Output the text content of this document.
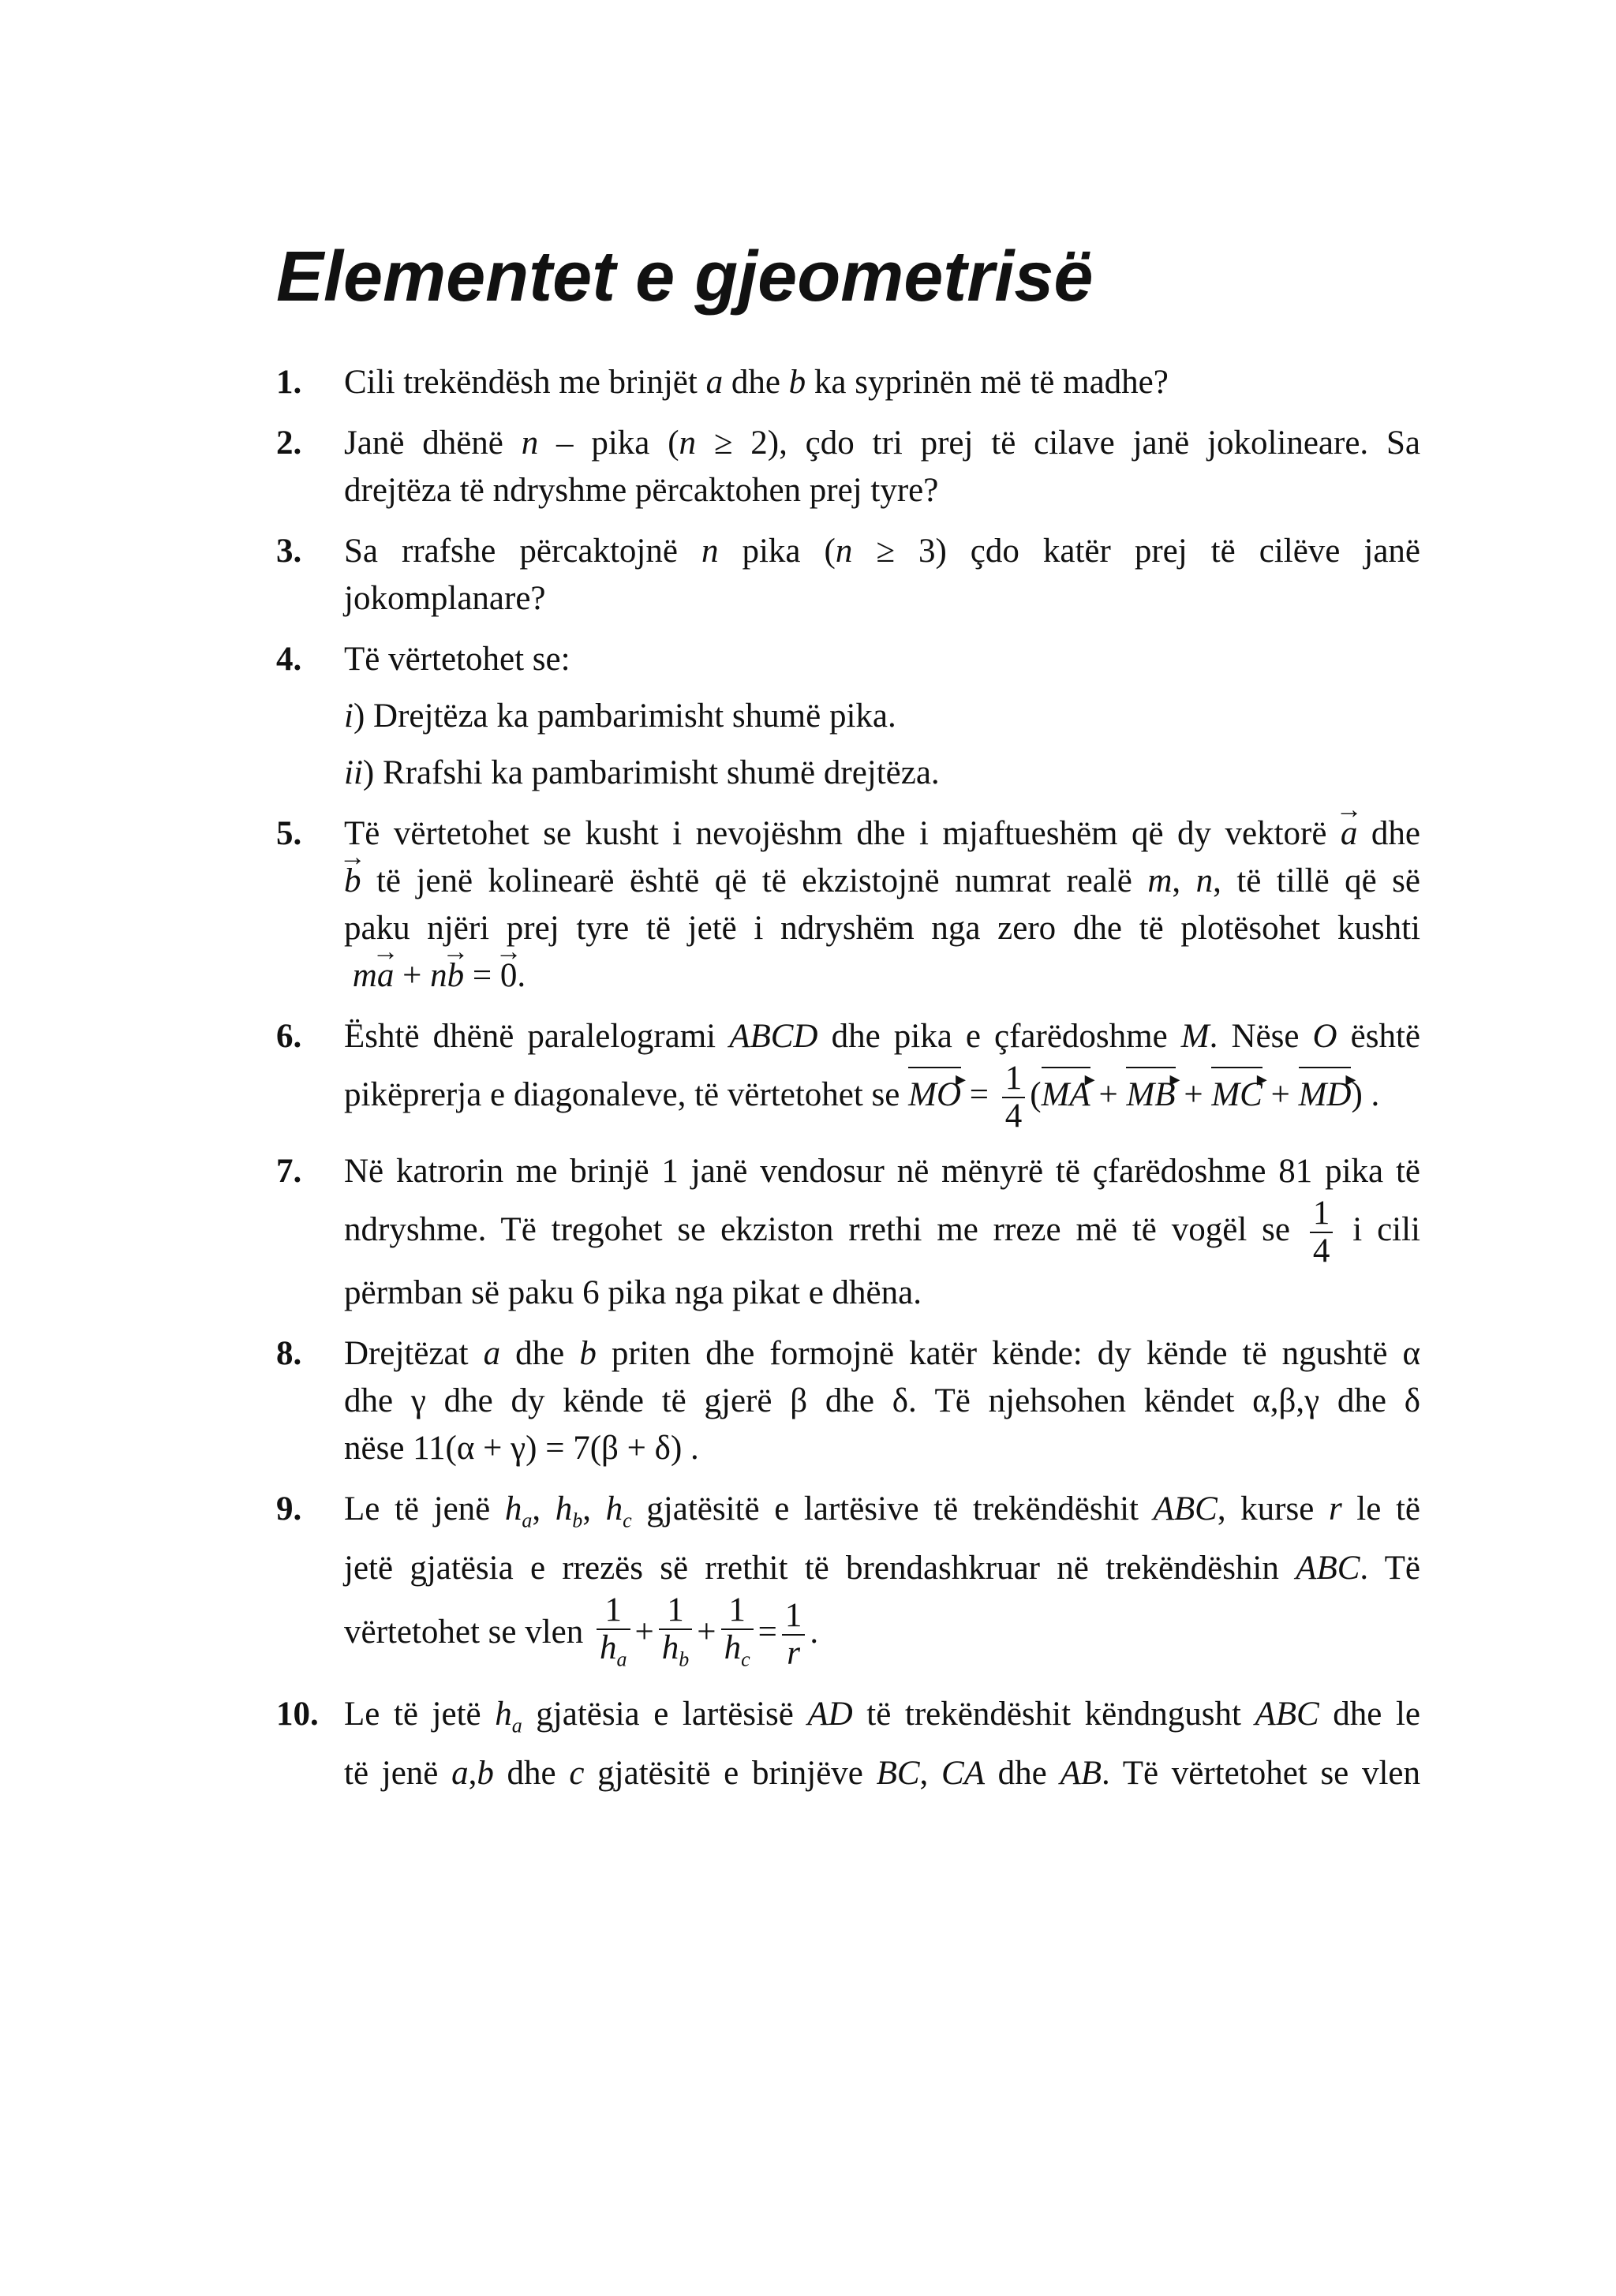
Elementet e gjeometrisë
1. Cili trekëndësh me brinjët a dhe b ka syprinën më të madhe?
2. Janë dhënë n – pika (n ≥ 2), çdo tri prej të cilave janë jokolineare. Sa
drejtëza të ndryshme përcaktohen prej tyre?
3. Sa rrafshe përcaktojnë n pika (n ≥ 3) çdo katër prej të cilëve janë
jokomplanare?
4. Të vërtetohet se:
i) Drejtëza ka pambarimisht shumë pika.
ii) Rrafshi ka pambarimisht shumë drejtëza.
5. Të vërtetohet se kusht i nevojëshm dhe i mjaftueshëm që dy vektorë → a dhe
→ b të jenë kolinearë është që të ekzistojnë numrat realë m, n, të tillë që së
paku njëri prej tyre të jetë i ndryshëm nga zero dhe të plotësohet kushti
m→ a + n→ b = → 0.
6. Është dhënë paralelogrami ABCD dhe pika e çfarëdoshme M. Nëse O është
pikëprerja e diagonaleve, të vërtetohet se MO ▸ = $\frac{1}{4} (MA$ ▸ + MB ▸ + MC ▸ + MD ▸) .
7. Në katrorin me brinjë 1 janë vendosur në mënyrë të çfarëdoshme 81 pika të
ndryshme. Të tregohet se ekziston rrethi me rreze më të vogël se $\frac{1}{4}$ i cili
përmban së paku 6 pika nga pikat e dhëna.
8. Drejtëzat a dhe b priten dhe formojnë katër kënde: dy kënde të ngushtë α
dhe γ dhe dy kënde të gjerë β dhe δ. Të njehsohen këndet α,β,γ dhe δ
nëse 11(α + γ) = 7(β + δ) .
9. Le të jenë $h_a$, $h_b$, $h_c$ gjatësitë e lartësive të trekëndëshit ABC, kurse r le të
jetë gjatësia e rrezës së rrethit të brendashkruar në trekëndëshin ABC. Të
vërtetohet se vlen $\frac{1}{h_a} + \frac{1}{h_b} + \frac{1}{h_c} = \frac{1}{r}$ .
10. Le të jetë $h_a$ gjatësia e lartësisë AD të trekëndëshit këndngusht ABC dhe le
të jenë a,b dhe c gjatësitë e brinjëve BC, CA dhe AB. Të vërtetohet se vlen
